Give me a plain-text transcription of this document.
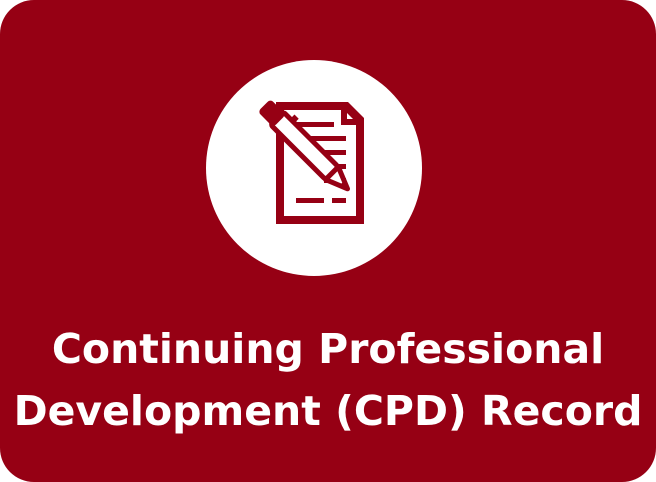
Continuing Professional
Development (CPD) Record
